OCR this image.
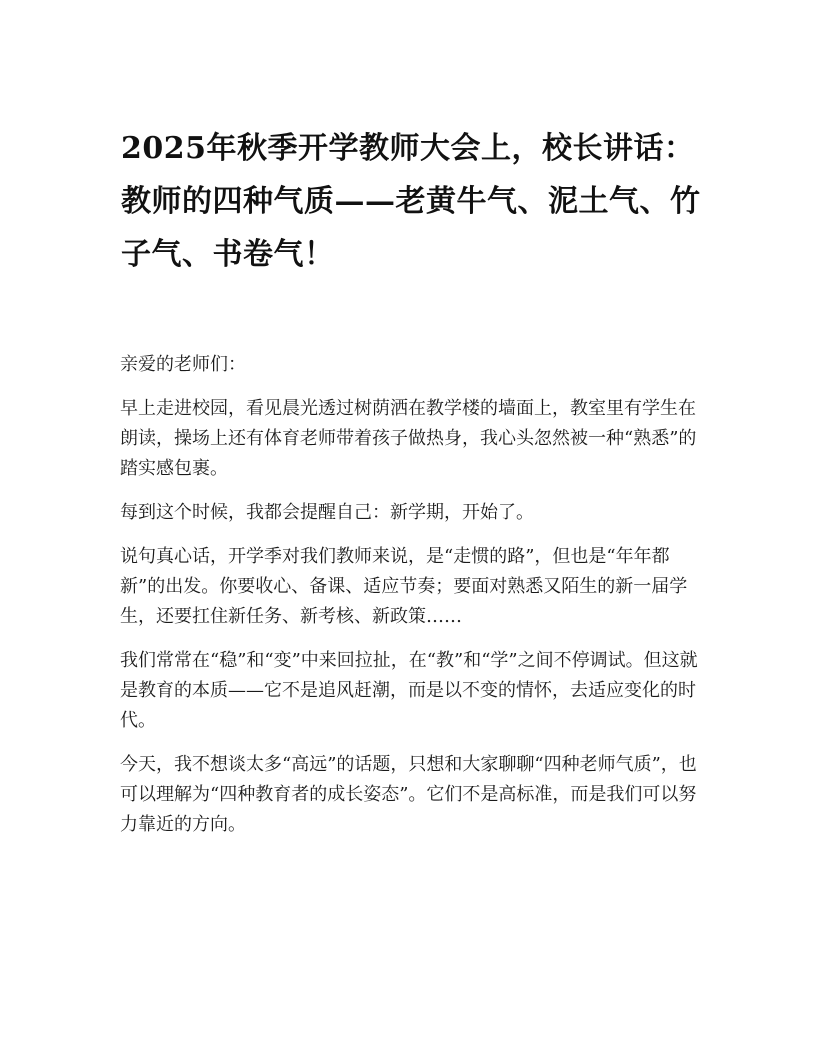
2025年秋季开学教师大会上，校长讲话：教师的四种气质——老黄牛气、泥土气、竹子气、书卷气！

亲爱的老师们：

早上走进校园，看见晨光透过树荫洒在教学楼的墙面上，教室里有学生在朗读，操场上还有体育老师带着孩子做热身，我心头忽然被一种“熟悉”的踏实感包裹。

每到这个时候，我都会提醒自己：新学期，开始了。

说句真心话，开学季对我们教师来说，是“走惯的路”，但也是“年年都新”的出发。你要收心、备课、适应节奏；要面对熟悉又陌生的新一届学生，还要扛住新任务、新考核、新政策……

我们常常在“稳”和“变”中来回拉扯，在“教”和“学”之间不停调试。但这就是教育的本质——它不是追风赶潮，而是以不变的情怀，去适应变化的时代。

今天，我不想谈太多“高远”的话题，只想和大家聊聊“四种老师气质”，也可以理解为“四种教育者的成长姿态”。它们不是高标准，而是我们可以努力靠近的方向。
